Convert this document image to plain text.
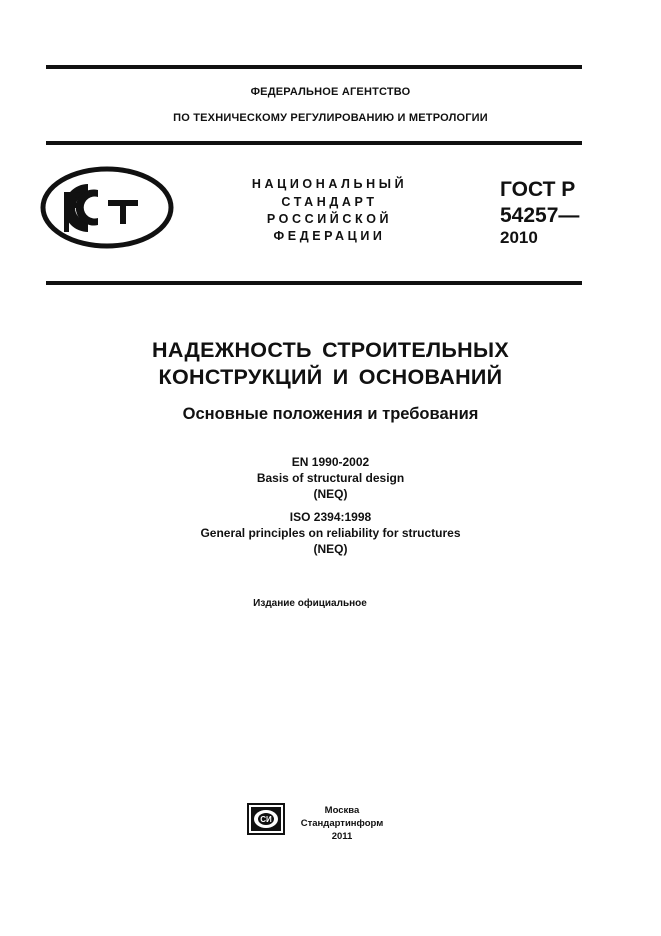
ФЕДЕРАЛЬНОЕ АГЕНТСТВО
ПО ТЕХНИЧЕСКОМУ РЕГУЛИРОВАНИЮ И МЕТРОЛОГИИ
НАЦИОНАЛЬНЫЙ
СТАНДАРТ
РОССИЙСКОЙ
ФЕДЕРАЦИИ
ГОСТ Р
54257—
2010
НАДЕЖНОСТЬ СТРОИТЕЛЬНЫХ
КОНСТРУКЦИЙ И ОСНОВАНИЙ
Основные положения и требования
EN 1990-2002
Basis of structural design
(NEQ)
ISO 2394:1998
General principles on reliability for structures
(NEQ)
Издание официальное
СИ
Москва
Стандартинформ
2011
